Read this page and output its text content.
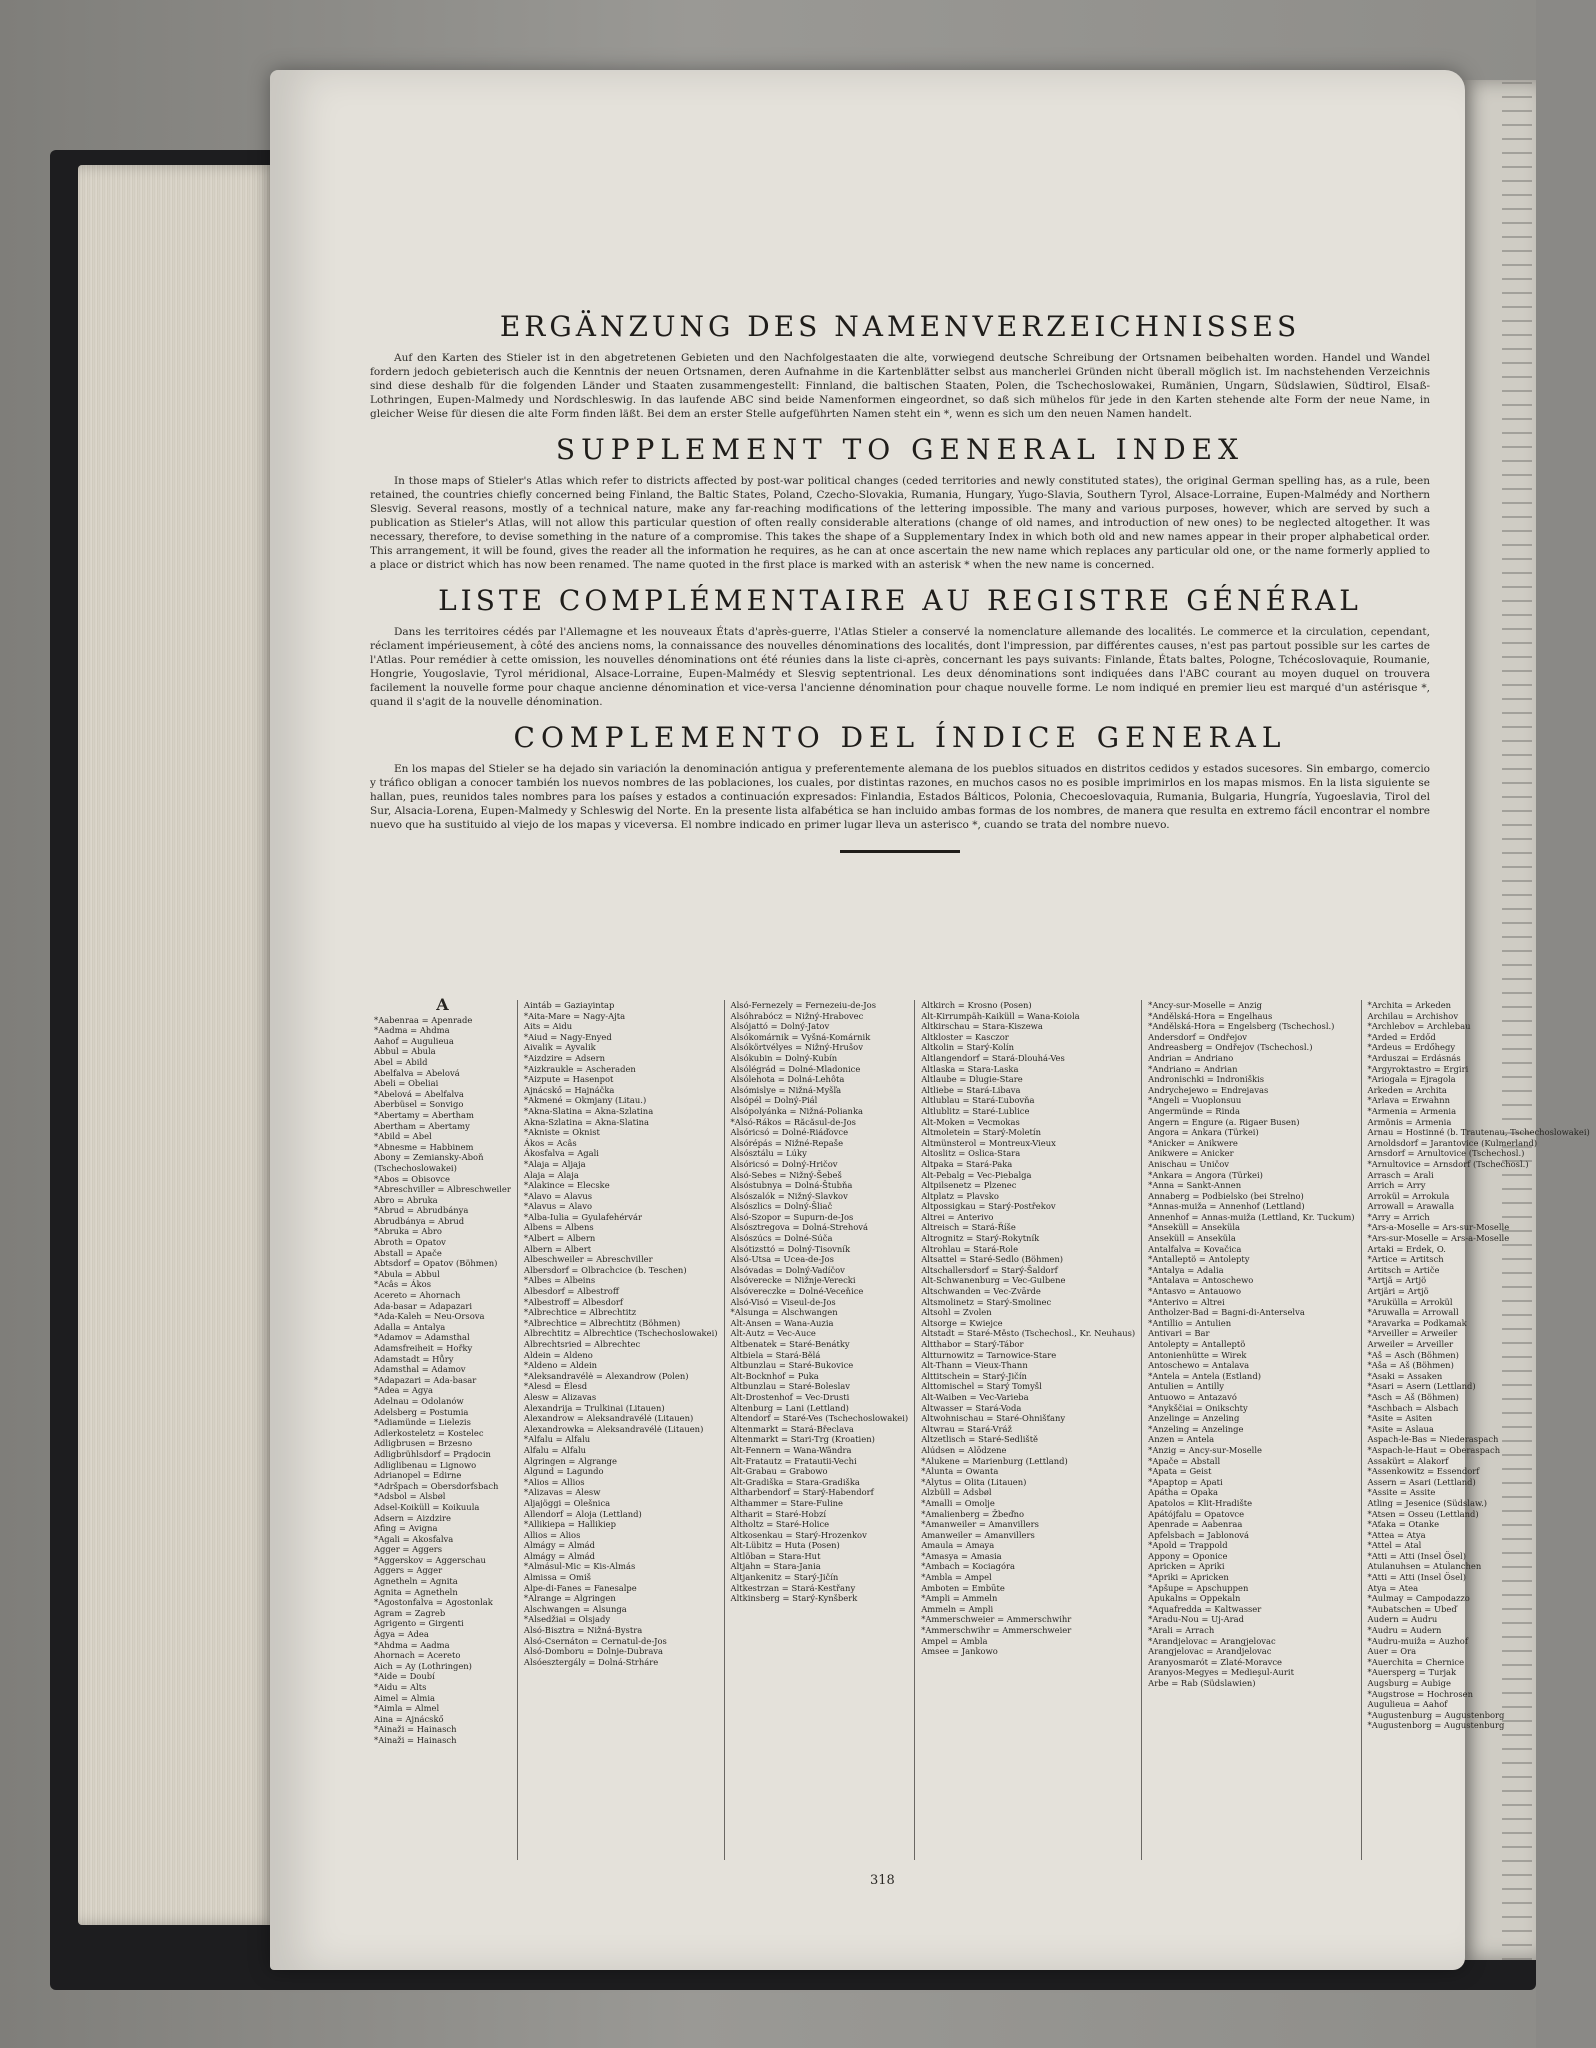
ERGÄNZUNG DES NAMENVERZEICHNISSES

Auf den Karten des Stieler ist in den abgetretenen Gebieten und den Nachfolgestaaten die alte, vorwiegend deutsche Schreibung der Ortsnamen beibehalten worden. Handel und Wandel fordern jedoch gebieterisch auch die Kenntnis der neuen Ortsnamen, deren Aufnahme in die Kartenblätter selbst aus mancherlei Gründen nicht überall möglich ist. Im nachstehenden Verzeichnis sind diese deshalb für die folgenden Länder und Staaten zusammengestellt: Finnland, die baltischen Staaten, Polen, die Tschechoslowakei, Rumänien, Ungarn, Südslawien, Südtirol, Elsaß-Lothringen, Eupen-Malmedy und Nordschleswig. In das laufende ABC sind beide Namenformen eingeordnet, so daß sich mühelos für jede in den Karten stehende alte Form der neue Name, in gleicher Weise für diesen die alte Form finden läßt. Bei dem an erster Stelle aufgeführten Namen steht ein *, wenn es sich um den neuen Namen handelt.

SUPPLEMENT TO GENERAL INDEX

In those maps of Stieler's Atlas which refer to districts affected by post-war political changes (ceded territories and newly constituted states), the original German spelling has, as a rule, been retained, the countries chiefly concerned being Finland, the Baltic States, Poland, Czecho-Slovakia, Rumania, Hungary, Yugo-Slavia, Southern Tyrol, Alsace-Lorraine, Eupen-Malmédy and Northern Slesvig. Several reasons, mostly of a technical nature, make any far-reaching modifications of the lettering impossible. The many and various purposes, however, which are served by such a publication as Stieler's Atlas, will not allow this particular question of often really considerable alterations (change of old names, and introduction of new ones) to be neglected altogether. It was necessary, therefore, to devise something in the nature of a compromise. This takes the shape of a Supplementary Index in which both old and new names appear in their proper alphabetical order. This arrangement, it will be found, gives the reader all the information he requires, as he can at once ascertain the new name which replaces any particular old one, or the name formerly applied to a place or district which has now been renamed. The name quoted in the first place is marked with an asterisk * when the new name is concerned.

LISTE COMPLÉMENTAIRE AU REGISTRE GÉNÉRAL

Dans les territoires cédés par l'Allemagne et les nouveaux États d'après-guerre, l'Atlas Stieler a conservé la nomenclature allemande des localités. Le commerce et la circulation, cependant, réclament impérieusement, à côté des anciens noms, la connaissance des nouvelles dénominations des localités, dont l'impression, par différentes causes, n'est pas partout possible sur les cartes de l'Atlas. Pour remédier à cette omission, les nouvelles dénominations ont été réunies dans la liste ci-après, concernant les pays suivants: Finlande, États baltes, Pologne, Tchécoslovaquie, Roumanie, Hongrie, Yougoslavie, Tyrol méridional, Alsace-Lorraine, Eupen-Malmédy et Slesvig septentrional. Les deux dénominations sont indiquées dans l'ABC courant au moyen duquel on trouvera facilement la nouvelle forme pour chaque ancienne dénomination et vice-versa l'ancienne dénomination pour chaque nouvelle forme. Le nom indiqué en premier lieu est marqué d'un astérisque *, quand il s'agit de la nouvelle dénomination.

COMPLEMENTO DEL ÍNDICE GENERAL

En los mapas del Stieler se ha dejado sin variación la denominación antigua y preferentemente alemana de los pueblos situados en distritos cedidos y estados sucesores. Sin embargo, comercio y tráfico obligan a conocer también los nuevos nombres de las poblaciones, los cuales, por distintas razones, en muchos casos no es posible imprimirlos en los mapas mismos. En la lista siguiente se hallan, pues, reunidos tales nombres para los países y estados a continuación expresados: Finlandia, Estados Bálticos, Polonia, Checoeslovaquia, Rumania, Bulgaria, Hungría, Yugoeslavia, Tirol del Sur, Alsacia-Lorena, Eupen-Malmedy y Schleswig del Norte. En la presente lista alfabética se han incluido ambas formas de los nombres, de manera que resulta en extremo fácil encontrar el nombre nuevo que ha sustituido al viejo de los mapas y viceversa. El nombre indicado en primer lugar lleva un asterisco *, cuando se trata del nombre nuevo.

A
*Aabenraa = Apenrade
*Aadma = Ahdma
Aahof = Augulieua
Abbul = Abula
Abel = Abild
Abelfalva = Abelová
Abeli = Obeliai
*Abelová = Abelfalva
Aberbüsel = Sonvigo
*Abertamy = Abertham
Abertham = Abertamy
*Abild = Abel
*Abnesme = Habbinem
Abony = Zemiansky-Aboň
(Tschechoslowakei)
*Abos = Obisovce
*Abreschviller = Albreschweiler
Abro = Abruka
*Abrud = Abrudbánya
Abrudbánya = Abrud
*Abruka = Abro
Abroth = Opatov
Abstall = Apače
Abtsdorf = Opatov (Böhmen)
*Abula = Abbul
*Acâs = Ákos
Acereto = Ahornach
Ada-basar = Adapazari
*Ada-Kaleh = Neu-Orsova
Adalla = Antalya
*Adamov = Adamsthal
Adamsfreiheit = Hořky
Adamstadt = Hůry
Adamsthal = Adamov
*Adapazari = Ada-basar
*Adea = Agya
Adelnau = Odolanów
Adelsberg = Postumia
*Adiamünde = Lielezis
Adlerkosteletz = Kostelec
Adligbrusen = Brzesno
Adligbrühlsdorf = Prądocin
Adliglibenau = Lignowo
Adrianopel = Edirne
*Adršpach = Obersdorfsbach
*Adsbol = Alsbøl
Adsel-Koiküll = Koikuula
Adsern = Aizdzire
Afing = Avigna
*Agali = Akosfalva
Agger = Aggers
*Aggerskov = Aggerschau
Aggers = Agger
Agnetheln = Agnita
Agnita = Agnetheln
*Agostonfalva = Agostonlak
Agram = Zagreb
Agrigento = Girgenti
Ágya = Adea
*Ahdma = Aadma
Ahornach = Acereto
Aich = Ay (Lothringen)
*Aide = Doubí
*Aidu = Alts
Aimel = Almia
*Aimla = Almel
Aina = Ajnácskő
*Ainaži = Hainasch
*Ainaži = Hainasch
Aintáb = Gaziayintap
*Aita-Mare = Nagy-Ajta
Aits = Aidu
*Aiud = Nagy-Enyed
Aivalik = Ayvalik
*Aizdzire = Adsern
*Aizkraukle = Ascheraden
*Aizpute = Hasenpot
Ajnácskő = Hajnáčka
*Akmené = Okmjany (Litau.)
*Akna-Slatina = Akna-Szlatina
Akna-Szlatina = Akna-Slatina
*Akniste = Oknist
Ákos = Acâs
Ákosfalva = Agali
*Alaja = Aljaja
Alaja = Alaja
*Alakince = Elecske
*Alavo = Alavus
*Alavus = Alavo
*Alba-Iulia = Gyulafehérvár
Albens = Albens
*Albert = Albern
Albern = Albert
Albeschweiler = Abreschviller
Albersdorf = Olbrachcice (b. Teschen)
*Albes = Albeins
Albesdorf = Albestroff
*Albestroff = Albesdorf
*Albrechtice = Albrechtitz
*Albrechtice = Albrechtitz (Böhmen)
Albrechtitz = Albrechtice (Tschechoslowakei)
Albrechtsried = Albrechtec
Aldein = Aldeno
*Aldeno = Aldein
*Aleksandravélė = Alexandrow (Polen)
*Alesd = Élesd
Alesw = Alizavas
Alexandrija = Trulkinai (Litauen)
Alexandrow = Aleksandravélė (Litauen)
Alexandrowka = Aleksandravélė (Litauen)
*Alfalu = Alfalu
Alfalu = Alfalu
Algringen = Algrange
Algund = Lagundo
*Alios = Allios
*Alizavas = Alesw
Aljajöggi = Olešnica
Allendorf = Aloja (Lettland)
*Allikiepa = Hallikiep
Allios = Alios
Almágy = Almád
Almágy = Almád
*Almásul-Mic = Kis-Almás
Almissa = Omiš
Alpe-di-Fanes = Fanesalpe
*Alrange = Algringen
Alschwangen = Alsunga
*Alsedžiai = Olsjady
Alsó-Bisztra = Nižná-Bystra
Alsó-Csernáton = Cernatul-de-Jos
Alsó-Domboru = Dolnje-Dubrava
Alsóesztergály = Dolná-Strháre
Alsó-Fernezely = Fernezeiu-de-Jos
Alsóhrabócz = Nižný-Hrabovec
Alsójattó = Dolný-Jatov
Alsókomárnik = Vyšná-Komárnik
Alsókörtvélyes = Nižný-Hrušov
Alsókubin = Dolný-Kubín
Alsólégrád = Dolné-Mladonice
Alsólehota = Dolná-Lehôta
Alsómislye = Nižná-Myšľa
Alsópél = Dolný-Piál
Alsópolyánka = Nižná-Polianka
*Alsó-Rákos = Răcăsul-de-Jos
Alsóricsó = Dolné-Riáďovce
Alsórépás = Nižné-Repaše
Alsósztálu = Lúky
Alsóricsó = Dolný-Hričov
Alsó-Sebes = Nižný-Šebeš
Alsóstubnya = Dolná-Štubňa
Alsószalók = Nižný-Slavkov
Alsószlics = Dolný-Šliač
Alsó-Szopor = Supurn-de-Jos
Alsósztregova = Dolná-Strehová
Alsószúcs = Dolné-Súča
Alsótizsttó = Dolný-Tisovník
Alsó-Utsa = Ucea-de-Jos
Alsóvadas = Dolný-Vadíčov
Alsóverecke = Nižnje-Verecki
Alsóvereczke = Dolné-Veceňice
Alsó-Visó = Viseul-de-Jos
*Alsunga = Alschwangen
Alt-Ansen = Wana-Auzia
Alt-Autz = Vec-Auce
Altbenatek = Staré-Benátky
Altbiela = Stará-Bělá
Altbunzlau = Staré-Bukovice
Alt-Bocknhof = Puka
Altbunzlau = Staré-Boleslav
Alt-Drostenhof = Vec-Drusti
Altenburg = Lani (Lettland)
Altendorf = Staré-Ves (Tschechoslowakei)
Altenmarkt = Stará-Břeclava
Altenmarkt = Stari-Trg (Kroatien)
Alt-Fennern = Wana-Wändra
Alt-Fratautz = Fratautii-Vechi
Alt-Grabau = Grabowo
Alt-Gradiška = Stara-Gradiška
Altharbendorf = Starý-Habendorf
Althammer = Stare-Fuline
Altharit = Staré-Hobzí
Altholtz = Staré-Holice
Altkosenkau = Starý-Hrozenkov
Alt-Lübitz = Huta (Posen)
Altlöban = Stara-Hut
Altjahn = Stara-Jania
Altjankenitz = Starý-Jičín
Altkestrzan = Stará-Kestřany
Altkinsberg = Starý-Kynšberk
Altkirch = Krosno (Posen)
Alt-Kirrumpäh-Kaiküll = Wana-Koiola
Altkirschau = Stara-Kiszewa
Altkloster = Kasczor
Altkolin = Starý-Kolín
Altlangendorf = Stará-Dlouhá-Ves
Altlaska = Stara-Laska
Altlaube = Dlugie-Stare
Altliebe = Stará-Libava
Altlublau = Stará-Ľubovňa
Altlublitz = Staré-Lublice
Alt-Moken = Vecmokas
Altmoletein = Starý-Moletín
Altmünsterol = Montreux-Vieux
Altoslitz = Oslica-Stara
Altpaka = Stará-Paka
Alt-Pebalg = Vec-Piebalga
Altpilsenetz = Plzenec
Altplatz = Plavsko
Altpossigkau = Starý-Postřekov
Altrei = Anterivo
Altreisch = Stará-Říše
Altrognitz = Starý-Rokytník
Altrohlau = Stará-Role
Altsattel = Staré-Sedlo (Böhmen)
Altschallersdorf = Starý-Šaldorf
Alt-Schwanenburg = Vec-Gulbene
Altschwanden = Vec-Zvārde
Altsmolinetz = Starý-Smolinec
Altsohl = Zvolen
Altsorge = Kwiejce
Altstadt = Staré-Město (Tschechosl., Kr. Neuhaus)
Altthabor = Starý-Tábor
Altturnowitz = Tarnowice-Stare
Alt-Thann = Vieux-Thann
Alttitschein = Starý-Jičín
Alttomischel = Starý Tomyšl
Alt-Waiben = Vec-Varieba
Altwasser = Stará-Voda
Altwohnischau = Staré-Ohnišťany
Altwrau = Stará-Vráž
Altzetlisch = Staré-Sedliště
Alúdsen = Alōdzene
*Alukene = Marienburg (Lettland)
*Alunta = Owanta
*Alytus = Olita (Litauen)
Alzbüll = Adsbøl
*Amalli = Omolje
*Amalienberg = Žbeďno
*Amanweiler = Amanvillers
Amanweiler = Amanvillers
Amaula = Amaya
*Amasya = Amasia
*Ambach = Kociagóra
*Ambla = Ampel
Amboten = Embūte
*Ampli = Ammeln
Ammeln = Ampli
*Ammerschweier = Ammerschwihr
*Ammerschwihr = Ammerschweier
Ampel = Ambla
Amsee = Jankowo
*Ancy-sur-Moselle = Anzig
*Andělská-Hora = Engelhaus
*Andělská-Hora = Engelsberg (Tschechosl.)
Andersdorf = Ondřejov
Andreasberg = Ondřejov (Tschechosl.)
Andrian = Andriano
*Andriano = Andrian
Andronischki = Indroniškis
Andrychejewo = Endrejavas
*Angeli = Vuoplonsuu
Angermünde = Rinda
Angern = Engure (a. Rigaer Busen)
Angora = Ankara (Türkei)
*Anicker = Anikwere
Anikwere = Anicker
Anischau = Uničov
*Ankara = Angora (Türkei)
*Anna = Sankt-Annen
Annaberg = Podbielsko (bei Strelno)
*Annas-muiža = Annenhof (Lettland)
Annenhof = Annas-muiža (Lettland, Kr. Tuckum)
*Anseküll = Anseküla
Anseküll = Anseküla
Antalfalva = Kovačica
*Antalleptö = Antolepty
*Antalya = Adalia
*Antalava = Antoschewo
*Antasvo = Antauowo
*Anterivo = Altrei
Antholzer-Bad = Bagni-di-Anterselva
*Antillio = Antulien
Antivari = Bar
Antolepty = Antalleptö
Antonienhütte = Wirek
Antoschewo = Antalava
*Antela = Antela (Estland)
Antulien = Antilly
Antuowo = Antazavó
*Anykščiai = Onikschty
Anzelinge = Anzeling
*Anzeling = Anzelinge
Anzen = Antela
*Anzig = Ancy-sur-Moselle
*Apače = Abstall
*Apata = Geist
*Apaptop = Apati
Apátha = Opaka
Apatolos = Klit-Hradište
Apátójfalu = Opatovce
Apenrade = Aabenraa
Apfelsbach = Jablonová
*Apold = Trappold
Appony = Oponice
Apricken = Apriki
*Apriki = Apricken
*Apšupe = Apschuppen
Apukalns = Oppekaln
*Aquafredda = Kaltwasser
*Aradu-Nou = Uj-Arad
*Arali = Arrach
*Arandjelovac = Arangjelovac
Arangjelovac = Arandjelovac
Aranyosmarót = Zlaté-Moravce
Aranyos-Megyes = Medieşul-Aurit
Arbe = Rab (Südslawien)
*Archita = Arkeden
Archilau = Archishov
*Archlebov = Archlebau
*Arded = Erdőd
*Ardeus = Erdőhegy
*Arduszai = Erdásnás
*Argyroktastro = Ergiri
*Ariogala = Ejragola
Arkeden = Archita
*Arlava = Erwahnn
*Armenia = Armenia
Armönis = Armenia
Arnau = Hostinné (b. Trautenau, Tschechoslowakei)
Arnoldsdorf = Jarantovice (Kulmerland)
Arnsdorf = Arnultovice (Tschechosl.)
*Arnultovice = Arnsdorf (Tschechosl.)
Arrasch = Arali
Arrich = Arry
Arrokül = Arrokula
Arrowall = Arawalla
*Arry = Arrich
*Ars-a-Moselle = Ars-sur-Moselle
*Ars-sur-Moselle = Ars-a-Moselle
Artaki = Erdek, O.
*Artice = Artitsch
Artitsch = Artiče
*Artjä = Artjö
Artjäri = Artjö
*Arukülla = Arrokül
*Aruwalla = Arrowall
*Aravarka = Podkamak
*Arveiller = Arweiler
Arweiler = Arveiller
*Aš = Asch (Böhmen)
*Aša = Aš (Böhmen)
*Asaki = Assaken
*Asari = Asern (Lettland)
*Asch = Aš (Böhmen)
*Aschbach = Alsbach
*Asite = Asiten
*Asite = Aslaua
Aspach-le-Bas = Niederaspach
*Aspach-le-Haut = Oberaspach
Assakürt = Alakorf
*Assenkowitz = Essendorf
Assern = Asari (Lettland)
*Assite = Assite
Atling = Jesenice (Südslaw.)
*Atsen = Osseu (Lettland)
*Aťaka = Otanke
*Attea = Atya
*Attel = Atal
*Atti = Atti (Insel Ösel)
Atulanuhsen = Atulanchen
*Atti = Atti (Insel Ösel)
Atya = Atea
*Aulmay = Campodazzo
*Aubatschen = Ubeď
Audern = Audru
*Audru = Audern
*Audru-muiža = Auzhof
Auer = Ora
*Auerchita = Chernice
*Auersperg = Turjak
Augsburg = Aubige
*Augstrose = Hochrosen
Augulieua = Aahof
*Augustenburg = Augustenborg
*Augustenborg = Augustenburg
318
